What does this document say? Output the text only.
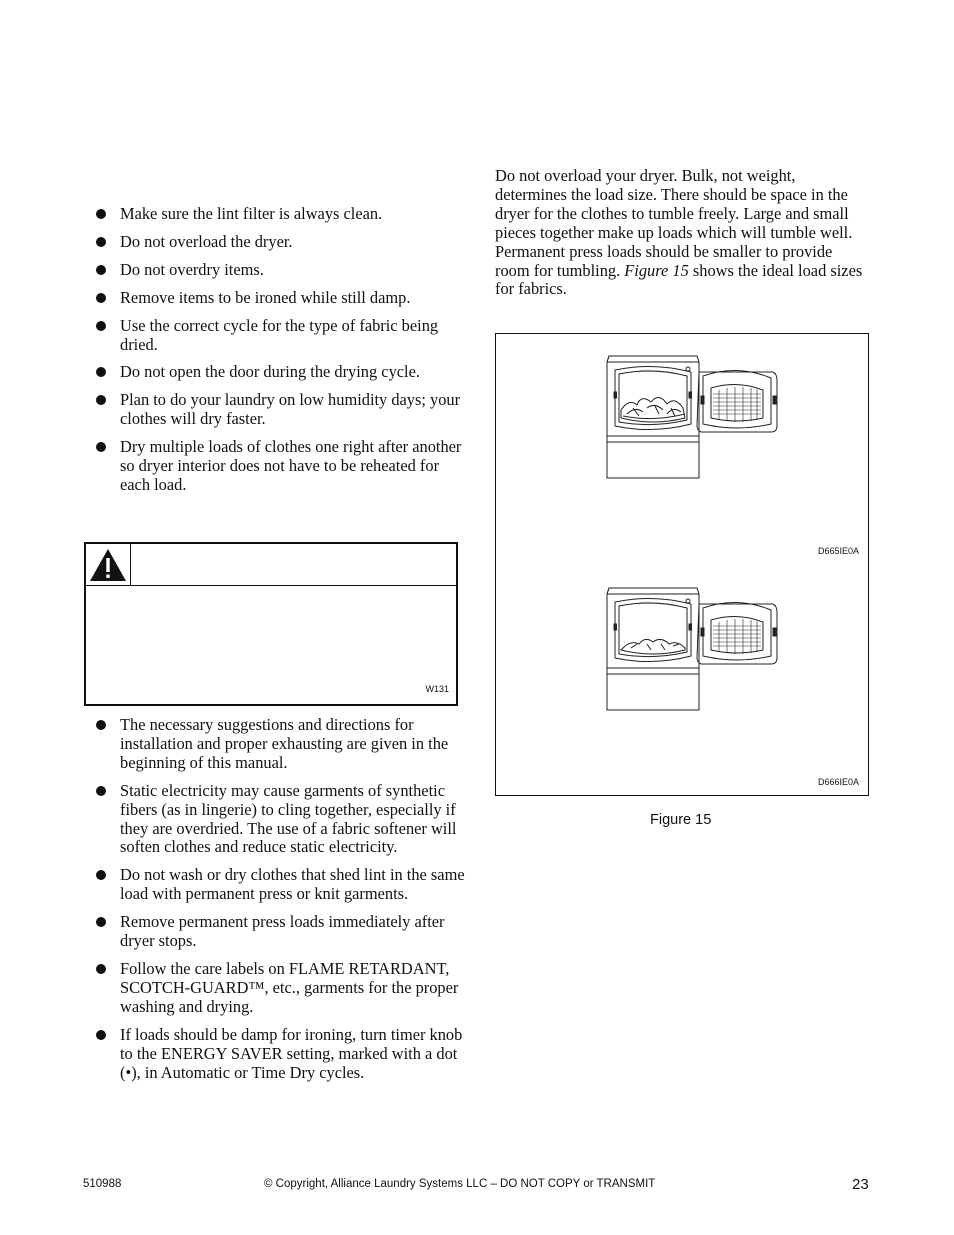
Make sure the lint filter is always clean.
Do not overload the dryer.
Do not overdry items.
Remove items to be ironed while still damp.
Use the correct cycle for the type of fabric being dried.
Do not open the door during the drying cycle.
Plan to do your laundry on low humidity days; your clothes will dry faster.
Dry multiple loads of clothes one right after another so dryer interior does not have to be reheated for each load.
W131
The necessary suggestions and directions for installation and proper exhausting are given in the beginning of this manual.
Static electricity may cause garments of synthetic fibers (as in lingerie) to cling together, especially if they are overdried. The use of a fabric softener will soften clothes and reduce static electricity.
Do not wash or dry clothes that shed lint in the same load with permanent press or knit garments.
Remove permanent press loads immediately after dryer stops.
Follow the care labels on FLAME RETARDANT, SCOTCH-GUARD™, etc., garments for the proper washing and drying.
If loads should be damp for ironing, turn timer knob to the ENERGY SAVER setting, marked with a dot (•), in Automatic or Time Dry cycles.

Do not overload your dryer. Bulk, not weight, determines the load size. There should be space in the dryer for the clothes to tumble freely. Large and small pieces together make up loads which will tumble well. Permanent press loads should be smaller to provide room for tumbling. Figure 15 shows the ideal load sizes for fabrics.

D665IE0A
D666IE0A
Figure 15
510988	© Copyright, Alliance Laundry Systems LLC – DO NOT COPY or TRANSMIT	23
